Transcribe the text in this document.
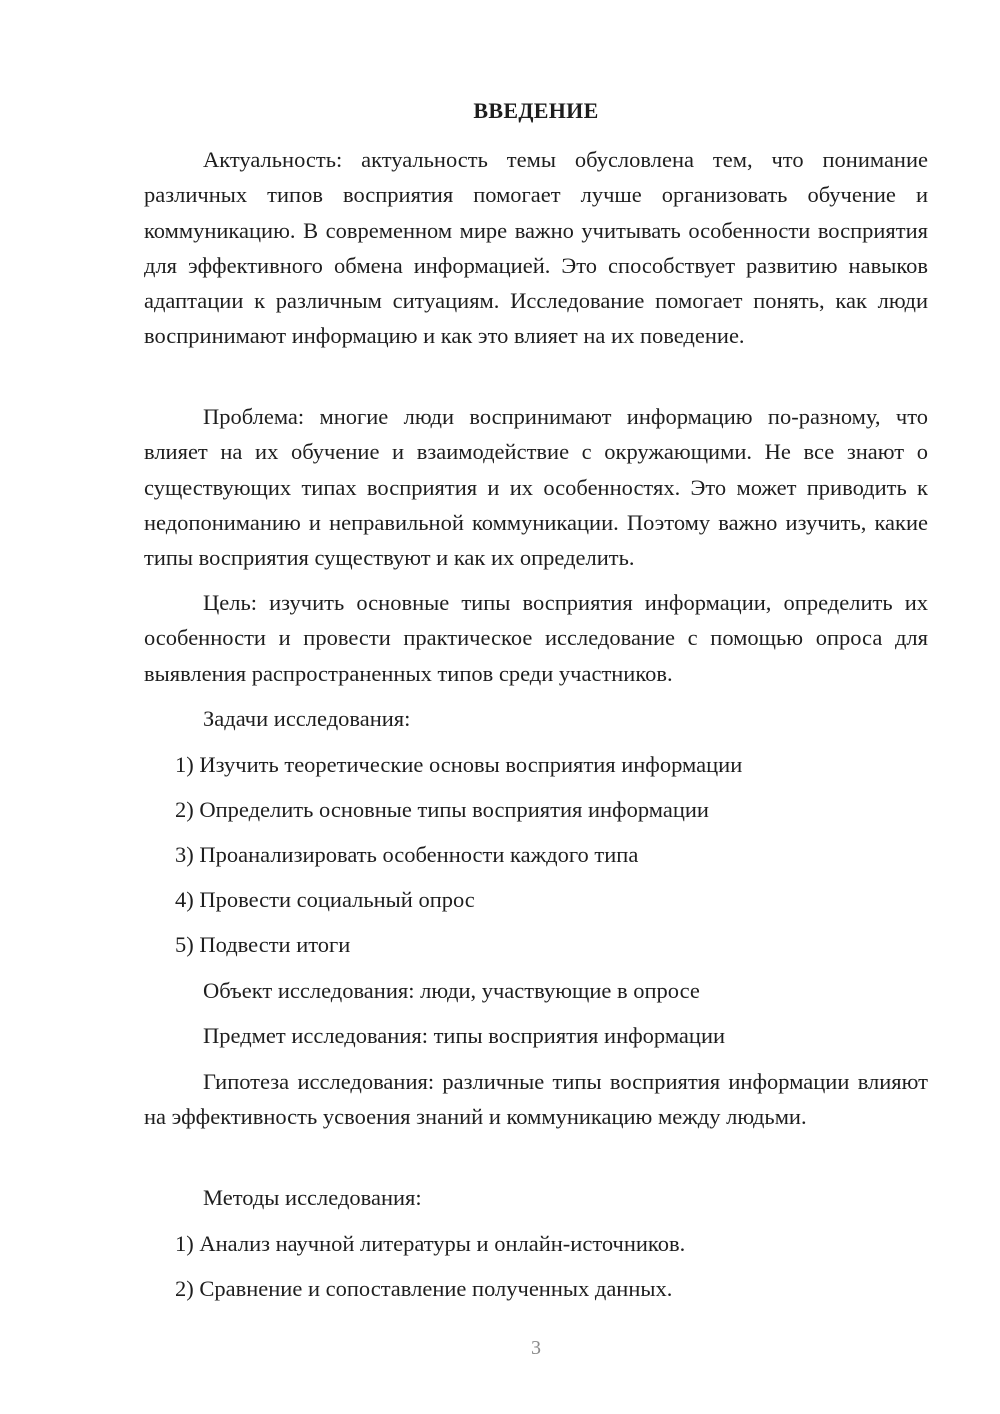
ВВЕДЕНИЕ

Актуальность: актуальность темы обусловлена тем, что понимание различных типов восприятия помогает лучше организовать обучение и коммуникацию. В современном мире важно учитывать особенности восприятия для эффективного обмена информацией. Это способствует развитию навыков адаптации к различным ситуациям. Исследование помогает понять, как люди воспринимают информацию и как это влияет на их поведение.

Проблема: многие люди воспринимают информацию по-разному, что влияет на их обучение и взаимодействие с окружающими. Не все знают о существующих типах восприятия и их особенностях. Это может приводить к недопониманию и неправильной коммуникации. Поэтому важно изучить, какие типы восприятия существуют и как их определить.

Цель: изучить основные типы восприятия информации, определить их особенности и провести практическое исследование с помощью опроса для выявления распространенных типов среди участников.

Задачи исследования:

1) Изучить теоретические основы восприятия информации

2) Определить основные типы восприятия информации

3) Проанализировать особенности каждого типа

4) Провести социальный опрос

5) Подвести итоги

Объект исследования: люди, участвующие в опросе

Предмет исследования: типы восприятия информации

Гипотеза исследования: различные типы восприятия информации влияют на эффективность усвоения знаний и коммуникацию между людьми.

Методы исследования:

1) Анализ научной литературы и онлайн-источников.

2) Сравнение и сопоставление полученных данных.

3
